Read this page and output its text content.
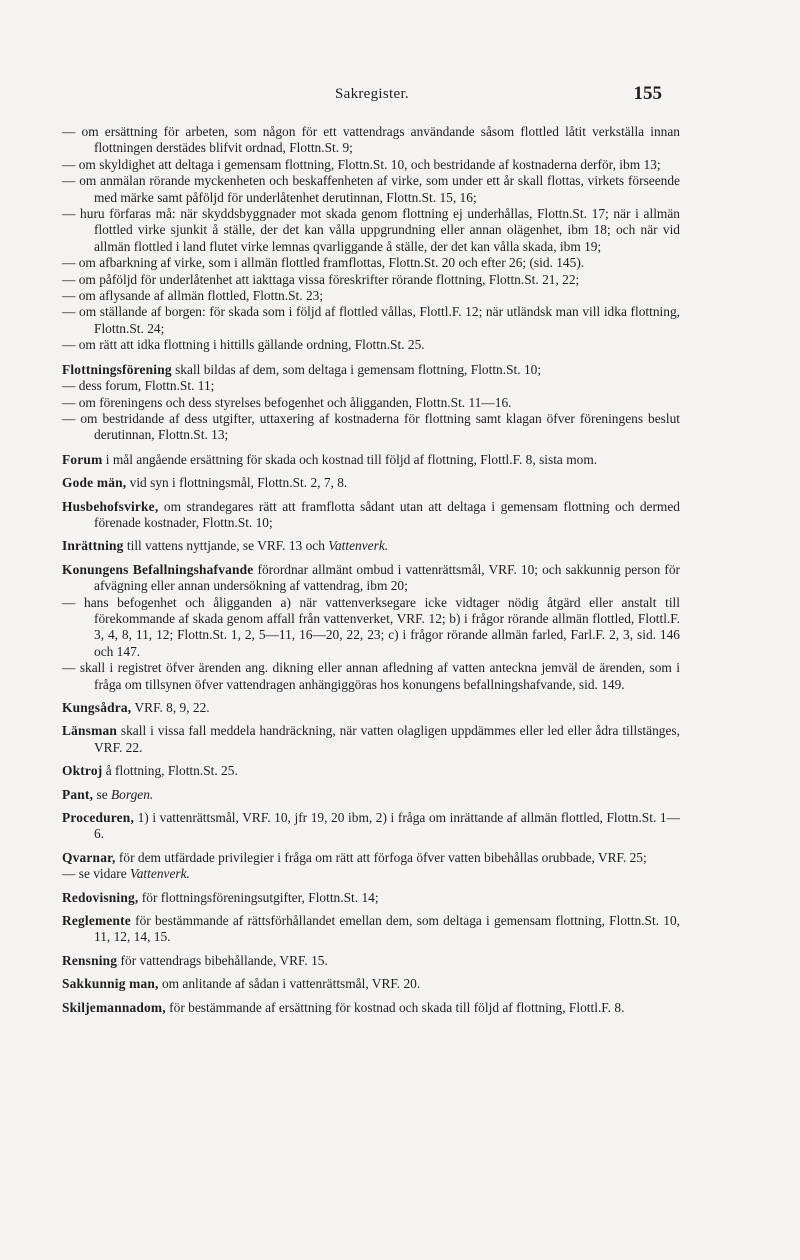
Sakregister.	155
— om ersättning för arbeten, som någon för ett vattendrags användande såsom flottled låtit verkställa innan flottningen derstädes blifvit ordnad, Flottn.St. 9;
— om skyldighet att deltaga i gemensam flottning, Flottn.St. 10, och bestridande af kostnaderna derför, ibm 13;
— om anmälan rörande myckenheten och beskaffenheten af virke, som under ett år skall flottas, virkets förseende med märke samt påföljd för underlåtenhet derutinnan, Flottn.St. 15, 16;
— huru förfaras må: när skyddsbyggnader mot skada genom flottning ej underhållas, Flottn.St. 17; när i allmän flottled virke sjunkit å ställe, der det kan vålla uppgrundning eller annan olägenhet, ibm 18; och när vid allmän flottled i land flutet virke lemnas qvarliggande å ställe, der det kan vålla skada, ibm 19;
— om afbarkning af virke, som i allmän flottled framflottas, Flottn.St. 20 och efter 26; (sid. 145).
— om påföljd för underlåtenhet att iakttaga vissa föreskrifter rörande flottning, Flottn.St. 21, 22;
— om aflysande af allmän flottled, Flottn.St. 23;
— om ställande af borgen: för skada som i följd af flottled vållas, Flottl.F. 12; när utländsk man vill idka flottning, Flottn.St. 24;
— om rätt att idka flottning i hittills gällande ordning, Flottn.St. 25.
Flottningsförening skall bildas af dem, som deltaga i gemensam flottning, Flottn.St. 10;
— dess forum, Flottn.St. 11;
— om föreningens och dess styrelses befogenhet och åligganden, Flottn.St. 11—16.
— om bestridande af dess utgifter, uttaxering af kostnaderna för flottning samt klagan öfver föreningens beslut derutinnan, Flottn.St. 13;
Forum i mål angående ersättning för skada och kostnad till följd af flottning, Flottl.F. 8, sista mom.
Gode män, vid syn i flottningsmål, Flottn.St. 2, 7, 8.
Husbehofsvirke, om strandegares rätt att framflotta sådant utan att deltaga i gemensam flottning och dermed förenade kostnader, Flottn.St. 10;
Inrättning till vattens nyttjande, se VRF. 13 och Vattenverk.
Konungens Befallningshafvande förordnar allmänt ombud i vattenrättsmål, VRF. 10; och sakkunnig person för afvägning eller annan undersökning af vattendrag, ibm 20;
— hans befogenhet och åligganden a) när vattenverksegare icke vidtager nödig åtgärd eller anstalt till förekommande af skada genom affall från vattenverket, VRF. 12; b) i frågor rörande allmän flottled, Flottl.F. 3, 4, 8, 11, 12; Flottn.St. 1, 2, 5—11, 16—20, 22, 23; c) i frågor rörande allmän farled, Farl.F. 2, 3, sid. 146 och 147.
— skall i registret öfver ärenden ang. dikning eller annan afledning af vatten anteckna jemväl de ärenden, som i fråga om tillsynen öfver vattendragen anhängiggöras hos konungens befallningshafvande, sid. 149.
Kungsådra, VRF. 8, 9, 22.
Länsman skall i vissa fall meddela handräckning, när vatten olagligen uppdämmes eller led eller ådra tillstänges, VRF. 22.
Oktroj å flottning, Flottn.St. 25.
Pant, se Borgen.
Proceduren, 1) i vattenrättsmål, VRF. 10, jfr 19, 20 ibm, 2) i fråga om inrättande af allmän flottled, Flottn.St. 1—6.
Qvarnar, för dem utfärdade privilegier i fråga om rätt att förfoga öfver vatten bibehållas orubbade, VRF. 25;
— se vidare Vattenverk.
Redovisning, för flottningsföreningsutgifter, Flottn.St. 14;
Reglemente för bestämmande af rättsförhållandet emellan dem, som deltaga i gemensam flottning, Flottn.St. 10, 11, 12, 14, 15.
Rensning för vattendrags bibehållande, VRF. 15.
Sakkunnig man, om anlitande af sådan i vattenrättsmål, VRF. 20.
Skiljemannadom, för bestämmande af ersättning för kostnad och skada till följd af flottning, Flottl.F. 8.
